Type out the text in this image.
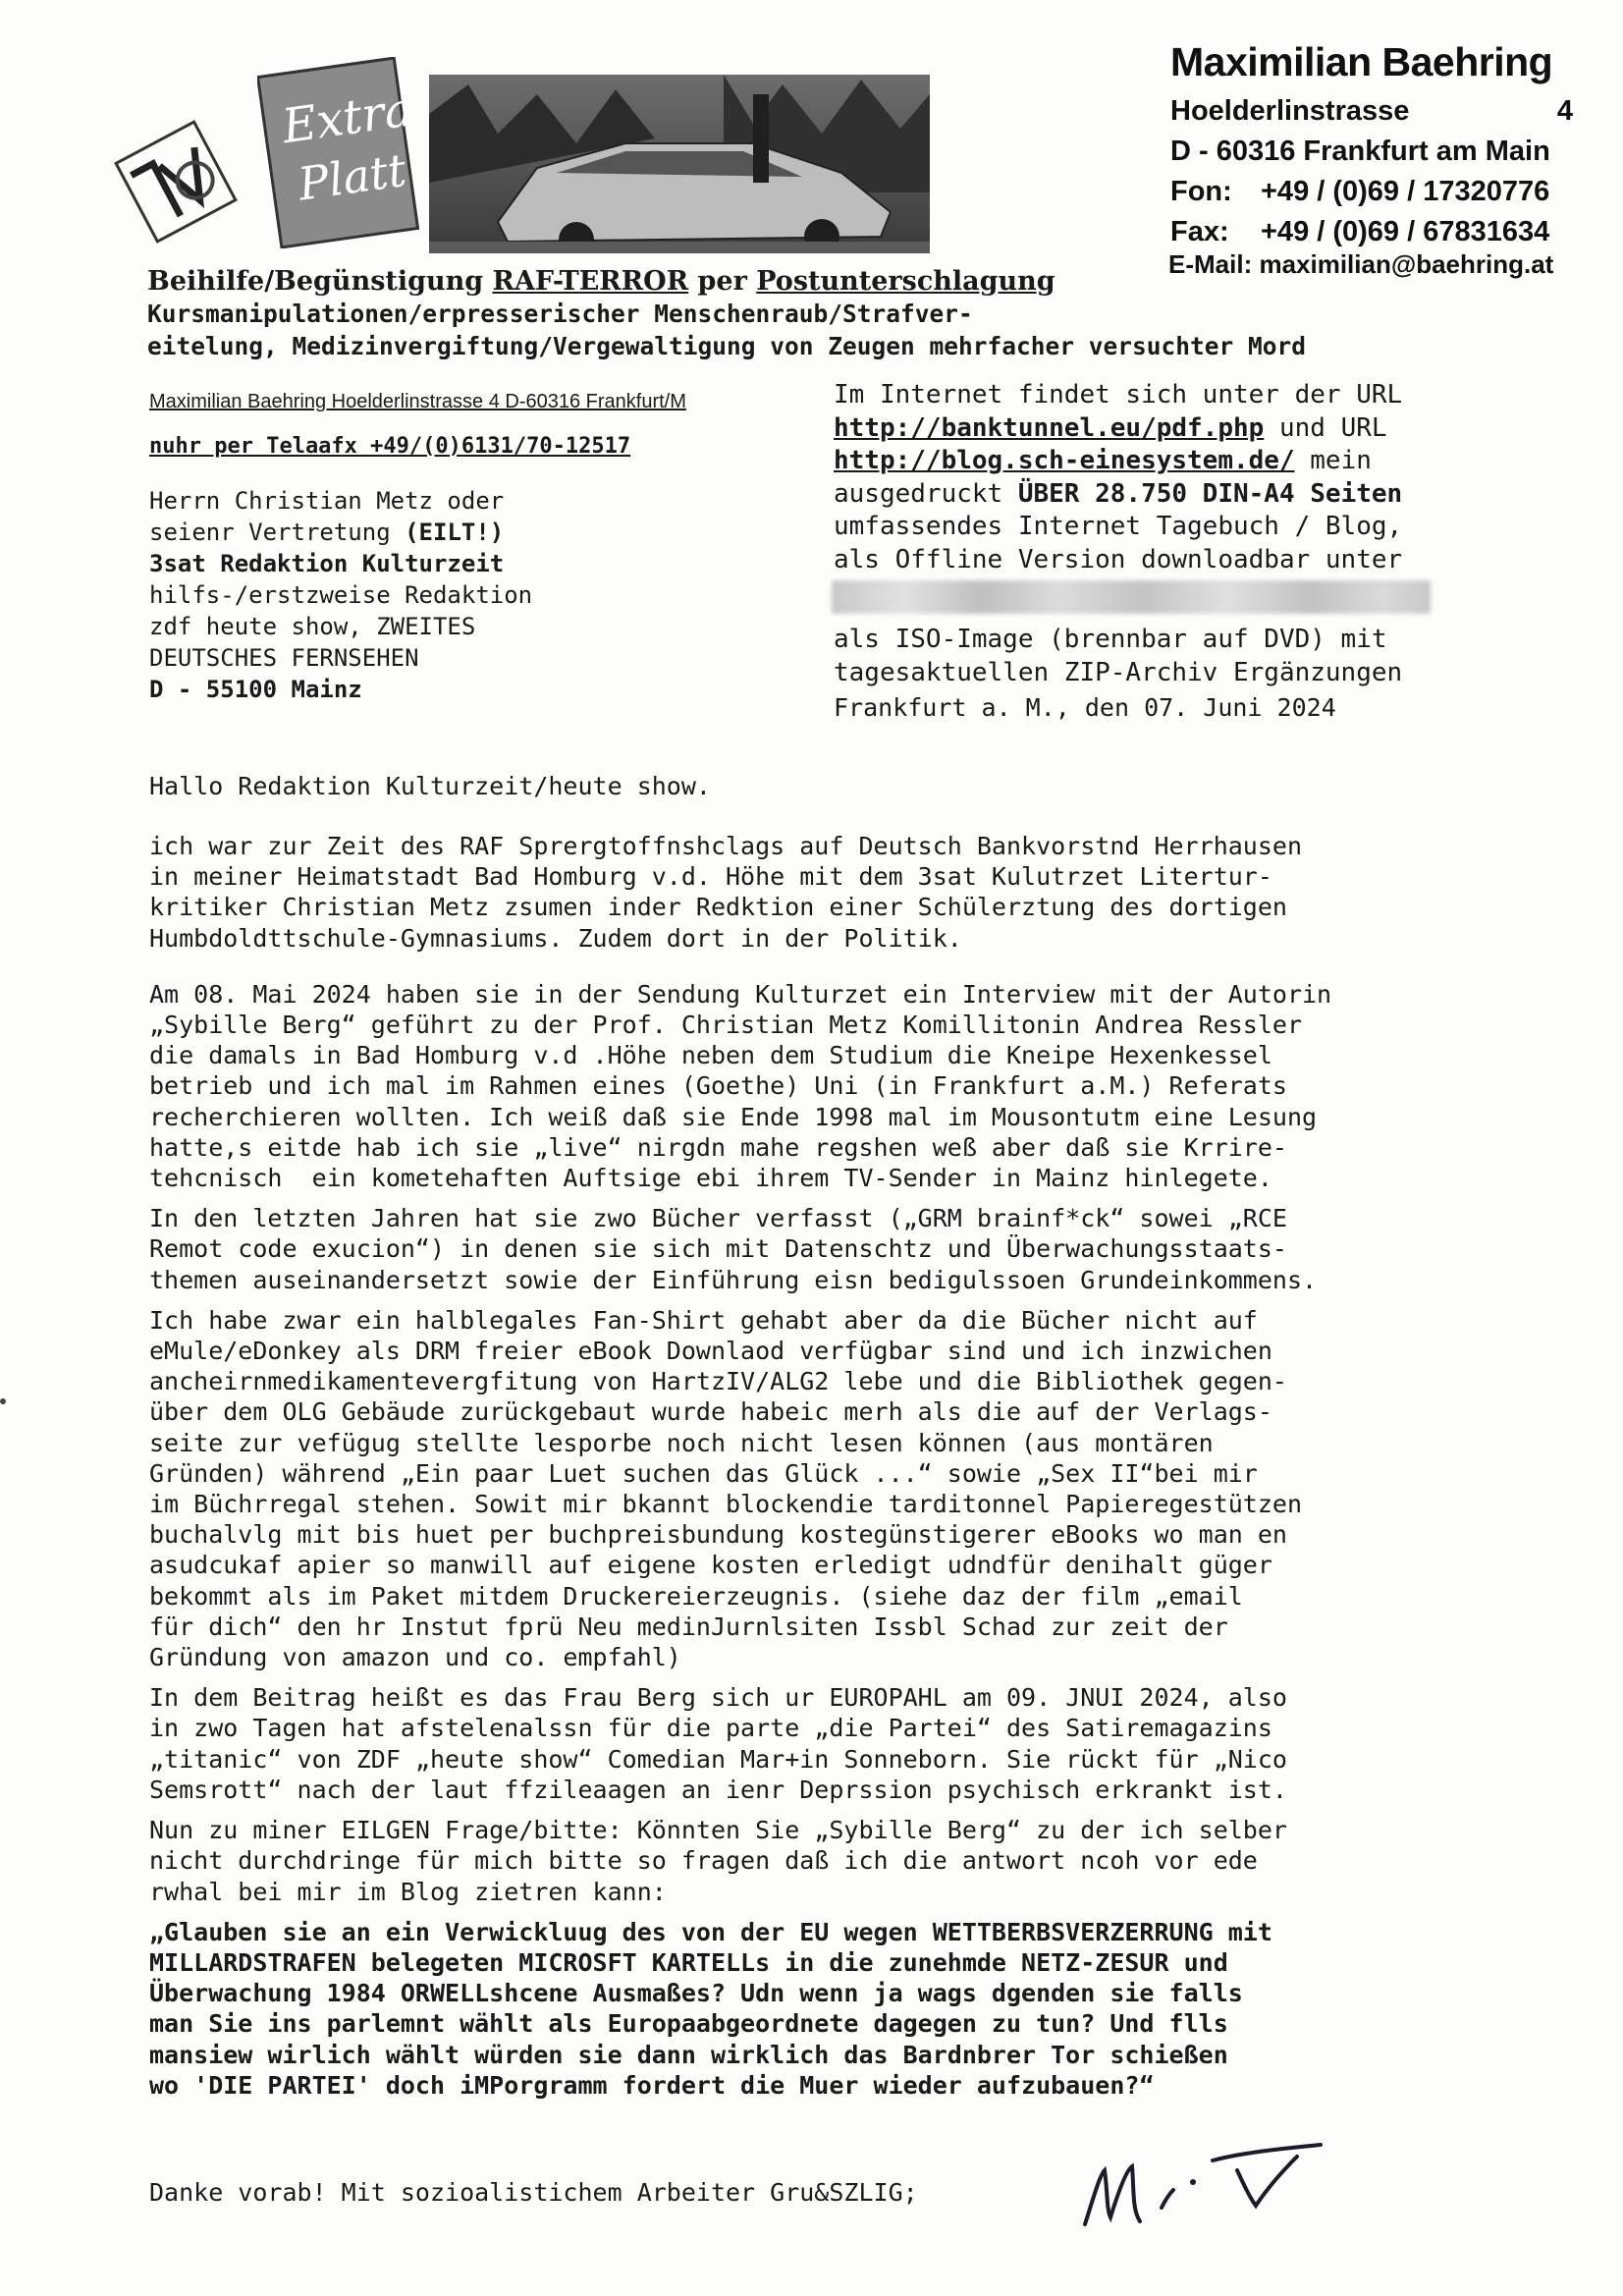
Extra
Platt
Maximilian Baehring
Hoelderlinstrasse	4
D - 60316 Frankfurt am Main
Fon:	+49 / (0)69 / 17320776
Fax:	+49 / (0)69 / 67831634
E-Mail: maximilian@baehring.at
Beihilfe/Begünstigung RAF-TERROR per Postunterschlagung
Kursmanipulationen/erpresserischer Menschenraub/Strafver-
eitelung, Medizinvergiftung/Vergewaltigung von Zeugen mehrfacher versuchter Mord
Maximilian Baehring Hoelderlinstrasse 4 D-60316 Frankfurt/M
nuhr per Telaafx +49/(0)6131/70-12517
Herrn Christian Metz oder
seienr Vertretung (EILT!)
3sat Redaktion Kulturzeit
hilfs-/erstzweise Redaktion
zdf heute show, ZWEITES
DEUTSCHES FERNSEHEN
D - 55100 Mainz
Im Internet findet sich unter der URL
http://banktunnel.eu/pdf.php und URL
http://blog.sch-einesystem.de/ mein
ausgedruckt ÜBER 28.750 DIN-A4 Seiten
umfassendes Internet Tagebuch / Blog,
als Offline Version downloadbar unter
als ISO-Image (brennbar auf DVD) mit
tagesaktuellen ZIP-Archiv Ergänzungen
Frankfurt a. M., den 07. Juni 2024
Hallo Redaktion Kulturzeit/heute show.

ich war zur Zeit des RAF Sprergtoffnshclags auf Deutsch Bankvorstnd Herrhausen

in meiner Heimatstadt Bad Homburg v.d. Höhe mit dem 3sat Kulutrzet Litertur-

kritiker Christian Metz zsumen inder Redktion einer Schülerztung des dortigen

Humbdoldttschule-Gymnasiums. Zudem dort in der Politik.

Am 08. Mai 2024 haben sie in der Sendung Kulturzet ein Interview mit der Autorin

„Sybille Berg“ geführt zu der Prof. Christian Metz Komillitonin Andrea Ressler

die damals in Bad Homburg v.d .Höhe neben dem Studium die Kneipe Hexenkessel

betrieb und ich mal im Rahmen eines (Goethe) Uni (in Frankfurt a.M.) Referats

recherchieren wollten. Ich weiß daß sie Ende 1998 mal im Mousontutm eine Lesung

hatte,s eitde hab ich sie „live“ nirgdn mahe regshen weß aber daß sie Krrire-

tehcnisch  ein kometehaften Auftsige ebi ihrem TV-Sender in Mainz hinlegete.

In den letzten Jahren hat sie zwo Bücher verfasst („GRM brainf*ck“ sowei „RCE

Remot code exucion“) in denen sie sich mit Datenschtz und Überwachungsstaats-

themen auseinandersetzt sowie der Einführung eisn bedigulssoen Grundeinkommens.

Ich habe zwar ein halblegales Fan-Shirt gehabt aber da die Bücher nicht auf

eMule/eDonkey als DRM freier eBook Downlaod verfügbar sind und ich inzwichen

ancheirnmedikamentevergfitung von HartzIV/ALG2 lebe und die Bibliothek gegen-

über dem OLG Gebäude zurückgebaut wurde habeic merh als die auf der Verlags-

seite zur vefügug stellte lesporbe noch nicht lesen können (aus montären

Gründen) während „Ein paar Luet suchen das Glück ...“ sowie „Sex II“bei mir

im Büchrregal stehen. Sowit mir bkannt blockendie tarditonnel Papieregestützen

buchalvlg mit bis huet per buchpreisbundung kostegünstigerer eBooks wo man en

asudcukaf apier so manwill auf eigene kosten erledigt udndfür denihalt güger

bekommt als im Paket mitdem Druckereierzeugnis. (siehe daz der film „email

für dich“ den hr Instut fprü Neu medinJurnlsiten Issbl Schad zur zeit der

Gründung von amazon und co. empfahl)

In dem Beitrag heißt es das Frau Berg sich ur EUROPAHL am 09. JNUI 2024, also

in zwo Tagen hat afstelenalssn für die parte „die Partei“ des Satiremagazins

„titanic“ von ZDF „heute show“ Comedian Mar+in Sonneborn. Sie rückt für „Nico

Semsrott“ nach der laut ffzileaagen an ienr Deprssion psychisch erkrankt ist.

Nun zu miner EILGEN Frage/bitte: Könnten Sie „Sybille Berg“ zu der ich selber

nicht durchdringe für mich bitte so fragen daß ich die antwort ncoh vor ede

rwhal bei mir im Blog zietren kann:

„Glauben sie an ein Verwickluug des von der EU wegen WETTBERBSVERZERRUNG mit

MILLARDSTRAFEN belegeten MICROSFT KARTELLs in die zunehmde NETZ-ZESUR und

Überwachung 1984 ORWELLshcene Ausmaßes? Udn wenn ja wags dgenden sie falls

man Sie ins parlemnt wählt als Europaabgeordnete dagegen zu tun? Und flls

mansiew wirlich wählt würden sie dann wirklich das Bardnbrer Tor schießen

wo 'DIE PARTEI' doch iMPorgramm fordert die Muer wieder aufzubauen?“

Danke vorab! Mit sozioalistichem Arbeiter Gru&SZLIG;
